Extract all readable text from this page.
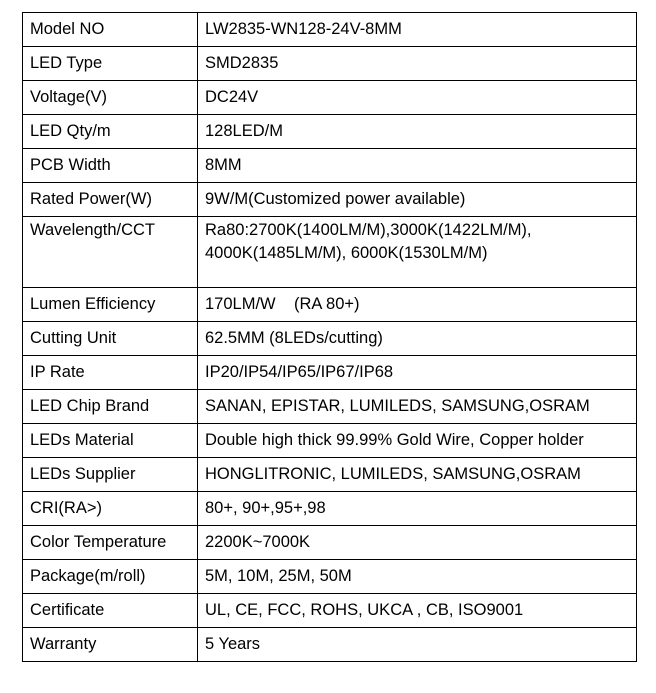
Model NO	LW2835-WN128-24V-8MM
LED Type	SMD2835
Voltage(V)	DC24V
LED Qty/m	128LED/M
PCB Width	8MM
Rated Power(W)	9W/M(Customized power available)
Wavelength/CCT	Ra80:2700K(1400LM/M),3000K(1422LM/M),
4000K(1485LM/M), 6000K(1530LM/M)
Lumen Efficiency	170LM/W    (RA 80+)
Cutting Unit	62.5MM (8LEDs/cutting)
IP Rate	IP20/IP54/IP65/IP67/IP68
LED Chip Brand	SANAN, EPISTAR, LUMILEDS, SAMSUNG,OSRAM
LEDs Material	Double high thick 99.99% Gold Wire, Copper holder
LEDs Supplier	HONGLITRONIC, LUMILEDS, SAMSUNG,OSRAM
CRI(RA>)	80+, 90+,95+,98
Color Temperature	2200K~7000K
Package(m/roll)	5M, 10M, 25M, 50M
Certificate	UL, CE, FCC, ROHS, UKCA , CB, ISO9001
Warranty	5 Years
